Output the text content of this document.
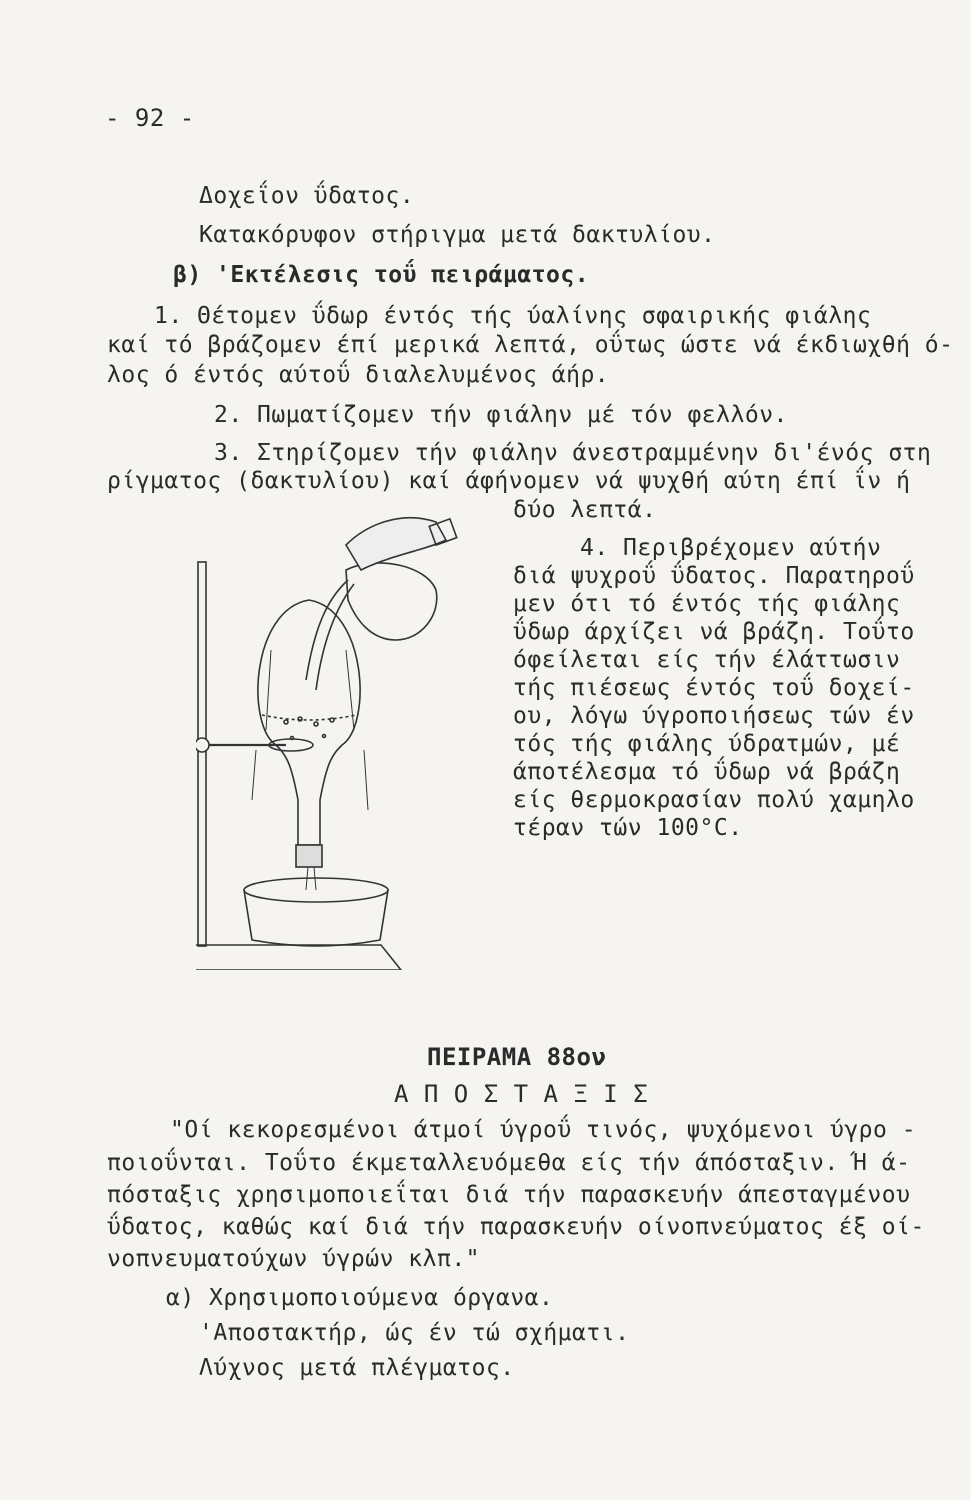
- 92 -
Δοχεΐον ΰδατος.
Κατακόρυφον στήριγμα μετά δακτυλίου.
β) 'Εκτέλεσις τοΰ πειράματος.
1. Θέτομεν ΰδωρ έντός τής ύαλίνης σφαιρικής φιάλης
καί τό βράζομεν έπί μερικά λεπτά, οΰτως ώστε νά έκδιωχθή ό-
λος ό έντός αύτοΰ διαλελυμένος άήρ.
2. Πωματίζομεν τήν φιάλην μέ τόν φελλόν.
3. Στηρίζομεν τήν φιάλην άνεστραμμένην δι'ένός στη
ρίγματος (δακτυλίου) καί άφήνομεν νά ψυχθή αύτη έπί ΐν ή
δύο λεπτά.
4. Περιβρέχομεν αύτήν
διά ψυχροΰ ΰδατος. Παρατηροΰ
μεν ότι τό έντός τής φιάλης
ΰδωρ άρχίζει νά βράζη. Τοΰτο
όφείλεται είς τήν έλάττωσιν
τής πιέσεως έντός τοΰ δοχεί-
ου, λόγω ύγροποιήσεως τών έν
τός τής φιάλης ύδρατμών, μέ
άποτέλεσμα τό ΰδωρ νά βράζη
είς θερμοκρασίαν πολύ χαμηλο
τέραν τών 100°C.
ΠΕΙΡΑΜΑ 88ον
Α Π Ο Σ Τ Α Ξ Ι Σ
"Οί κεκορεσμένοι άτμοί ύγροΰ τινός, ψυχόμενοι ύγρο -
ποιοΰνται. Τοΰτο έκμεταλλευόμεθα είς τήν άπόσταξιν. Ή ά-
πόσταξις χρησιμοποιεΐται διά τήν παρασκευήν άπεσταγμένου
ΰδατος, καθώς καί διά τήν παρασκευήν οίνοπνεύματος έξ οί-
νοπνευματούχων ύγρών κλπ."
α) Χρησιμοποιούμενα όργανα.
'Αποστακτήρ, ώς έν τώ σχήματι.
Λύχνος μετά πλέγματος.
